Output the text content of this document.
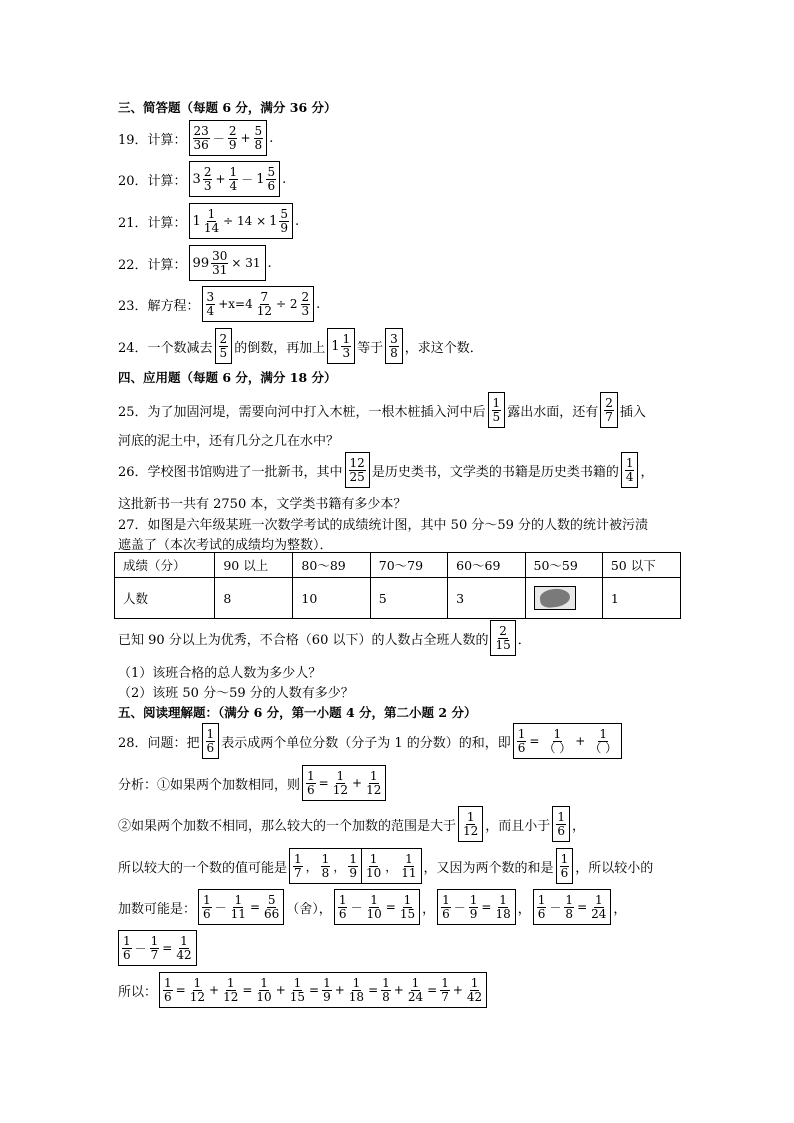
三、简答题（每题 6 分，满分 36 分）
19．计算：
23
36 －
2
$9 + \frac{5}{8}$ .
20．计算： 3 2
$3 + \frac{1}{4} - 1$ 5
6 .
21．计算： $1 \frac{1}{14} \div 14 \times 1$ 5
9 .
22．计算： $99 \frac{30}{31} \times 31$ .
23．解方程：
3
$4 +x=4 \frac{7}{12} \div 2$
2
3 .
24．一个数减去
2
5 的倒数，再加上 1 1
3 等于
3
8 ，求这个数．
四、应用题（每题 6 分，满分 18 分）
25．为了加固河堤，需要向河中打入木桩，一根木桩插入河中后
1
5 露出水面，还有
2
7 插入
河底的泥土中，还有几分之几在水中？
26．学校图书馆购进了一批新书，其中
12
25 是历史类书，文学类的书籍是历史类书籍的
1
4 ，
这批新书一共有 2750 本，文学类书籍有多少本？
27．如图是六年级某班一次数学考试的成绩统计图，其中 50 分～59 分的人数的统计被污渍
遮盖了（本次考试的成绩均为整数）．
成绩（分）	90 以上	80～89	70～79	60～69	50～59	50 以下
人数	8	10	5	3		1
已知 90 分以上为优秀，不合格（60 以下）的人数占全班人数的
2
15 ．
（1）该班合格的总人数为多少人？
（2）该班 50 分～59 分的人数有多少？
五、阅读理解题：（满分 6 分，第一小题 4 分，第二小题 2 分）
28．问题：把
1
6 表示成两个单位分数（分子为 1 的分数）的和，即 $\frac{1}{6}$ =
1
（ ） +
1
（ ）
分析：①如果两个加数相同，则 $\frac{1}{6} = \frac{1}{12} + \frac{1}{12}$
②如果两个加数不相同，那么较大的一个加数的范围是大于
1
12 ，而且小于
1
6 ，
所以较大的一个数的值可能是
1
7 ，
1
8 ，
1
9
1
10 ，
1
11 ，又因为两个数的和是
1
6 ，所以较小的
加数可能是：
1
$6 - \frac{1}{11} = \frac{5}{66}$ （舍），
1
$6 - \frac{1}{10} = \frac{1}{15}$ ，
1
$6 - \frac{1}{9} = \frac{1}{18}$ ，
1
$6 - \frac{1}{8} = \frac{1}{24}$ ，
1
$6 - \frac{1}{7} = \frac{1}{42}$
所以： $\frac{1}{6} = \frac{1}{12} + \frac{1}{12} = \frac{1}{10} + \frac{1}{15} = \frac{1}{9} + \frac{1}{18} = \frac{1}{8} + \frac{1}{24} = \frac{1}{7} + \frac{1}{42}$
